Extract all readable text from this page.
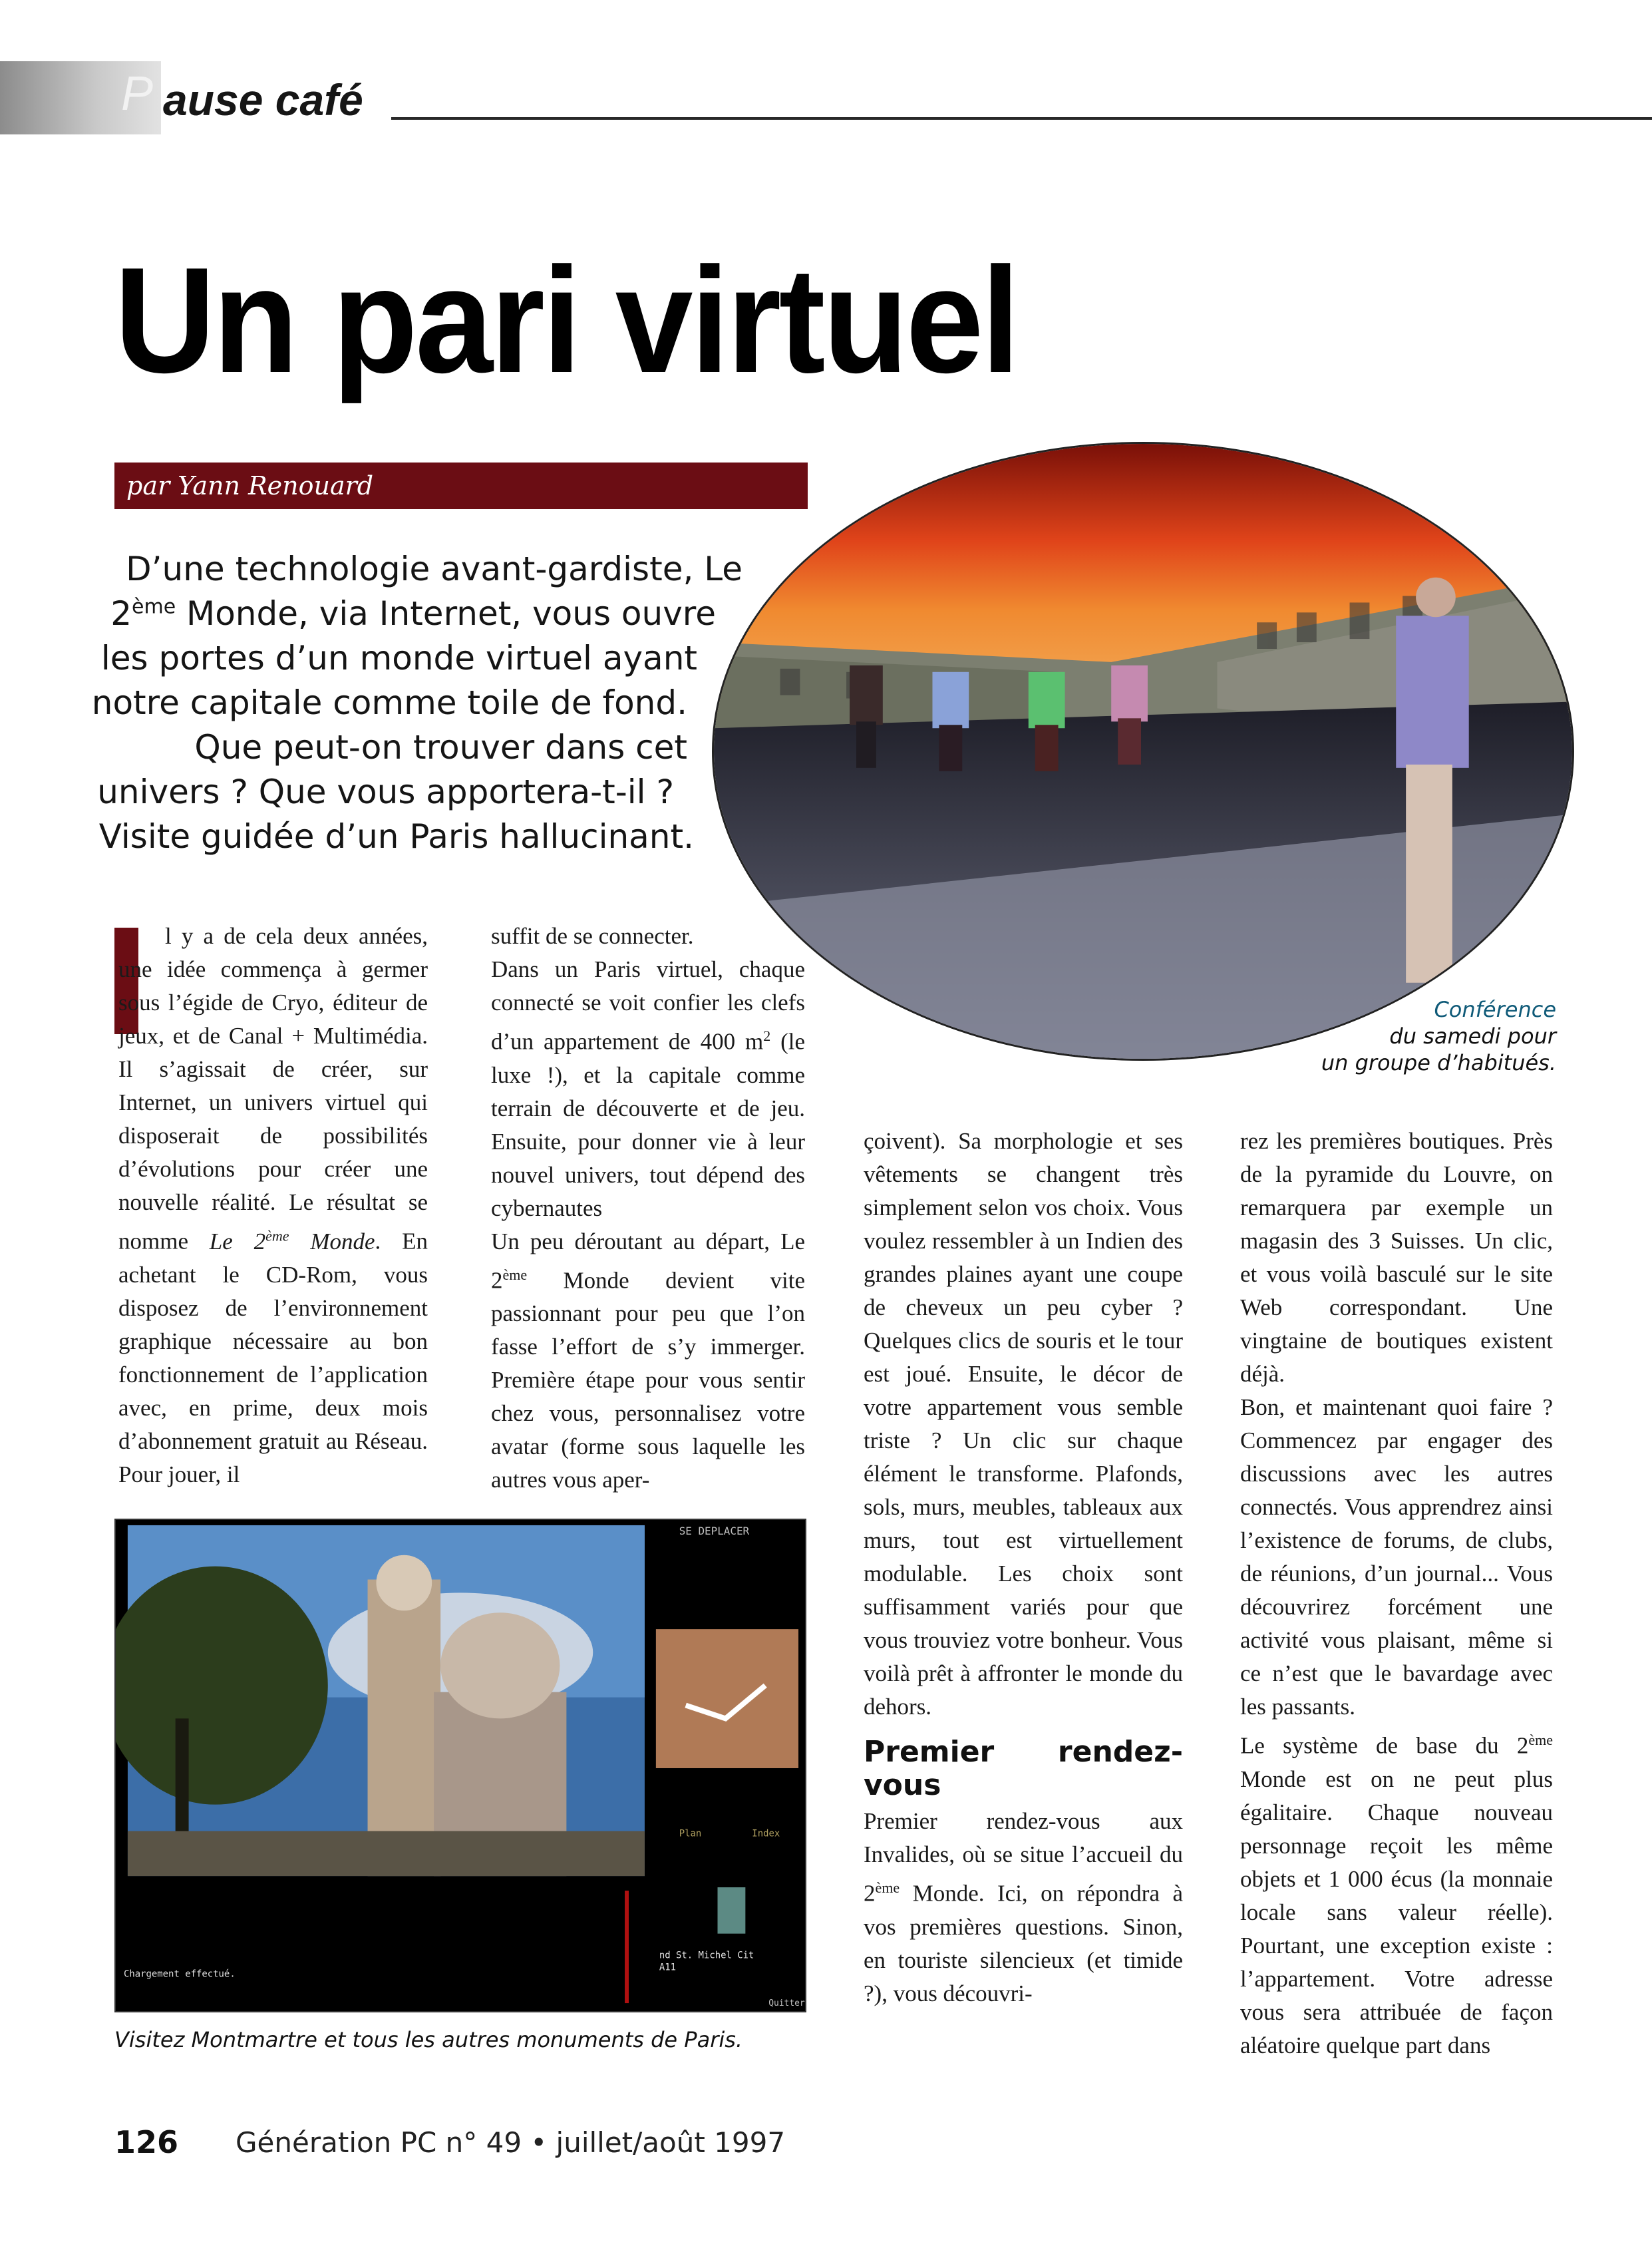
P ause café
Un pari virtuel
par Yann Renouard
D’une technologie avant-gardiste, Le
2ème Monde, via Internet, vous ouvre
les portes d’un monde virtuel ayant
notre capitale comme toile de fond.
Que peut-on trouver dans cet
univers ? Que vous apportera-t-il ?
Visite guidée d’un Paris hallucinant.
Conférence
du samedi pour
un groupe d’habitués.

l y a de cela deux années, une idée commença à germer sous l’égide de Cryo, éditeur de jeux, et de Canal + Multimédia. Il s’agissait de créer, sur Internet, un univers virtuel qui disposerait de possibilités d’évolutions pour créer une nouvelle réalité. Le résultat se nomme Le 2ème Monde. En achetant le CD-Rom, vous disposez de l’environnement graphique nécessaire au bon fonctionnement de l’application avec, en prime, deux mois d’abonnement gratuit au Réseau. Pour jouer, il

suffit de se connecter.

Dans un Paris virtuel, chaque connecté se voit confier les clefs d’un appartement de 400 $m^2$ (le luxe !), et la capitale comme terrain de découverte et de jeu. Ensuite, pour donner vie à leur nouvel univers, tout dépend des cybernautes

Un peu déroutant au départ, Le 2ème Monde devient vite passionnant pour peu que l’on fasse l’effort de s’y immerger. Première étape pour vous sentir chez vous, personnalisez votre avatar (forme sous laquelle les autres vous aper-

çoivent). Sa morphologie et ses vêtements se changent très simplement selon vos choix. Vous voulez ressembler à un Indien des grandes plaines ayant une coupe de cheveux un peu cyber ? Quelques clics de souris et le tour est joué. Ensuite, le décor de votre appartement vous semble triste ? Un clic sur chaque élément le transforme. Plafonds, sols, murs, meubles, tableaux aux murs, tout est virtuellement modulable. Les choix sont suffisamment variés pour que vous trouviez votre bonheur. Vous voilà prêt à affronter le monde du dehors.

Premier rendez-vous

Premier rendez-vous aux Invalides, où se situe l’accueil du 2ème Monde. Ici, on répondra à vos premières questions. Sinon, en touriste silencieux (et timide ?), vous découvri-

rez les premières boutiques. Près de la pyramide du Louvre, on remarquera par exemple un magasin des 3 Suisses. Un clic, et vous voilà basculé sur le site Web correspondant. Une vingtaine de boutiques existent déjà.

Bon, et maintenant quoi faire ? Commencez par engager des discussions avec les autres connectés. Vous apprendrez ainsi l’existence de forums, de clubs, de réunions, d’un journal... Vous découvrirez forcément une activité vous plaisant, même si ce n’est que le bavardage avec les passants.

Le système de base du 2ème Monde est on ne peut plus égalitaire. Chaque nouveau personnage reçoit les même objets et 1 000 écus (la monnaie locale sans valeur réelle). Pourtant, une exception existe : l’appartement. Votre adresse vous sera attribuée de façon aléatoire quelque part dans

SE DEPLACER
Plan	Index
Chargement effectué.
nd St. Michel Cit
A11
Quitter
Visitez Montmartre et tous les autres monuments de Paris.
126 Génération PC n° 49 • juillet/août 1997
